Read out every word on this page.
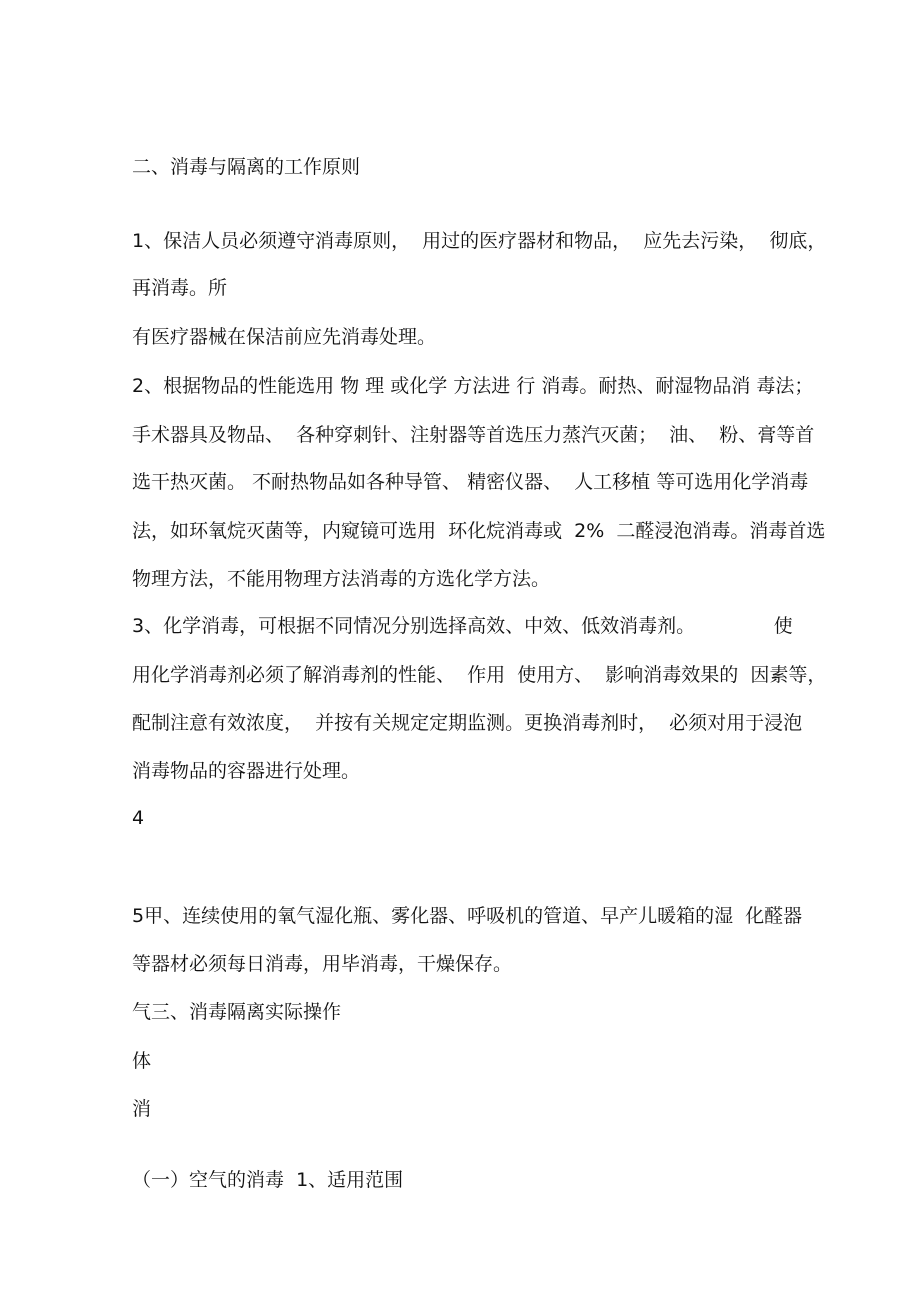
二、消毒与隔离的工作原则

1、保洁人员必须遵守消毒原则，  用过的医疗器材和物品，  应先去污染，  彻底，

再消毒。所

有医疗器械在保洁前应先消毒处理。

2、根据物品的性能选用 物 理 或化学 方法进 行 消毒。耐热、耐湿物品消 毒法；

手术器具及物品、  各种穿刺针、注射器等首选压力蒸汽灭菌；  油、  粉、膏等首

选干热灭菌。 不耐热物品如各种导管、 精密仪器、  人工移植 等可选用化学消毒

法，如环氧烷灭菌等，内窥镜可选用  环化烷消毒或  2%  二醛浸泡消毒。消毒首选

物理方法，不能用物理方法消毒的方选化学方法。

3、化学消毒，可根据不同情况分别选择高效、中效、低效消毒剂。             使

用化学消毒剂必须了解消毒剂的性能、  作用  使用方、  影响消毒效果的  因素等，

配制注意有效浓度，  并按有关规定定期监测。更换消毒剂时，  必须对用于浸泡

消毒物品的容器进行处理。

4

5甲、连续使用的氧气湿化瓶、雾化器、呼吸机的管道、早产儿暖箱的湿  化醛器

等器材必须每日消毒，用毕消毒，干燥保存。

气三、消毒隔离实际操作

体

消

（一）空气的消毒  1、适用范围
